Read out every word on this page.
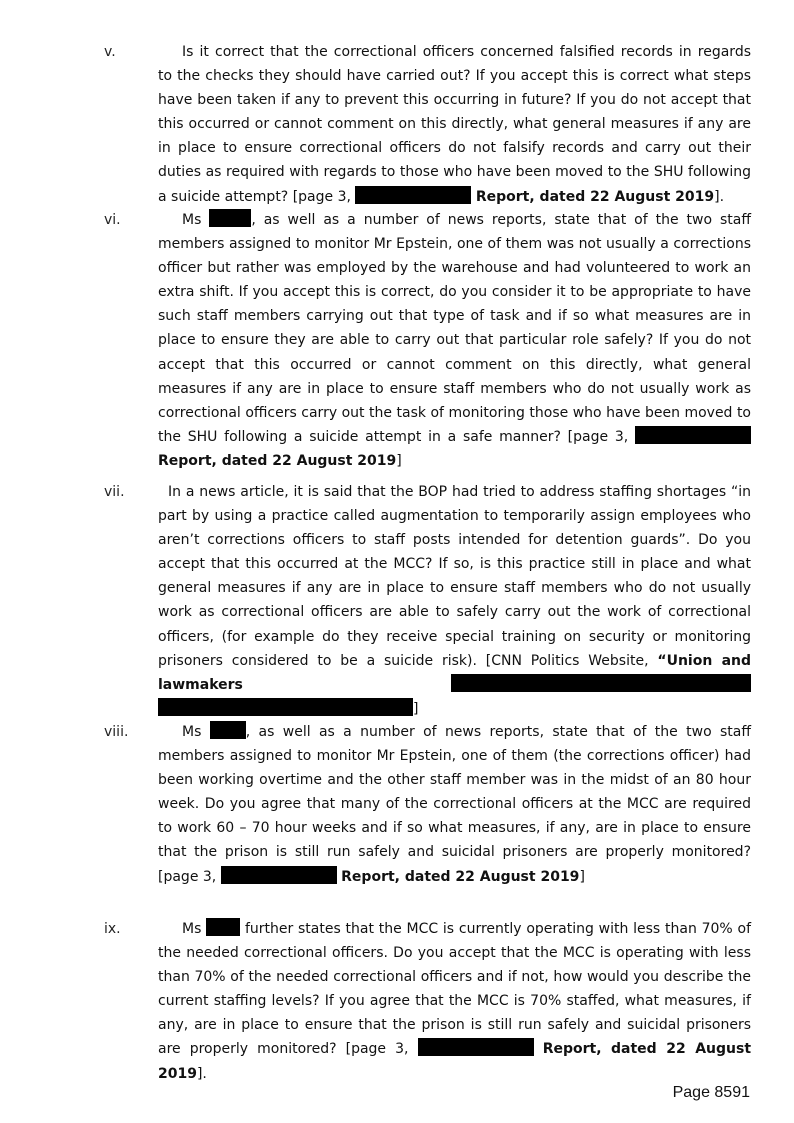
v.	Is it correct that the correctional officers concerned falsified records in regards to the checks they should have carried out? If you accept this is correct what steps have been taken if any to prevent this occurring in future? If you do not accept that this occurred or cannot comment on this directly, what general measures if any are in place to ensure correctional officers do not falsify records and carry out their duties as required with regards to those who have been moved to the SHU following a suicide attempt? [page 3,	Report, dated 22 August 2019].

vi.	Ms	, as well as a number of news reports, state that of the two staff members assigned to monitor Mr Epstein, one of them was not usually a corrections officer but rather was employed by the warehouse and had volunteered to work an extra shift. If you accept this is correct, do you consider it to be appropriate to have such staff members carrying out that type of task and if so what measures are in place to ensure they are able to carry out that particular role safely? If you do not accept that this occurred or cannot comment on this directly, what general measures if any are in place to ensure staff members who do not usually work as correctional officers carry out the task of monitoring those who have been moved to the SHU following a suicide attempt in a safe manner? [page 3,  Report, dated 22 August 2019]

vii.	In a news article, it is said that the BOP had tried to address staffing shortages “in part by using a practice called augmentation to temporarily assign employees who aren’t corrections officers to staff posts intended for detention guards”. Do you accept that this occurred at the MCC? If so, is this practice still in place and what general measures if any are in place to ensure staff members who do not usually work as correctional officers are able to safely carry out the work of correctional officers, (for example do they receive special training on security or monitoring prisoners considered to be a suicide risk). [CNN Politics Website, “Union and lawmakers  ]

viii.	Ms	, as well as a number of news reports, state that of the two staff members assigned to monitor Mr Epstein, one of them (the corrections officer) had been working overtime and the other staff member was in the midst of an 80 hour week. Do you agree that many of the correctional officers at the MCC are required to work 60 – 70 hour weeks and if so what measures, if any, are in place to ensure that the prison is still run safely and suicidal prisoners are properly monitored? [page 3,	Report, dated 22 August 2019]

ix.	Ms	further states that the MCC is currently operating with less than 70% of the needed correctional officers. Do you accept that the MCC is operating with less than 70% of the needed correctional officers and if not, how would you describe the current staffing levels? If you agree that the MCC is 70% staffed, what measures, if any, are in place to ensure that the prison is still run safely and suicidal prisoners are properly monitored? [page 3,	Report, dated 22 August 2019].

Page 8591
